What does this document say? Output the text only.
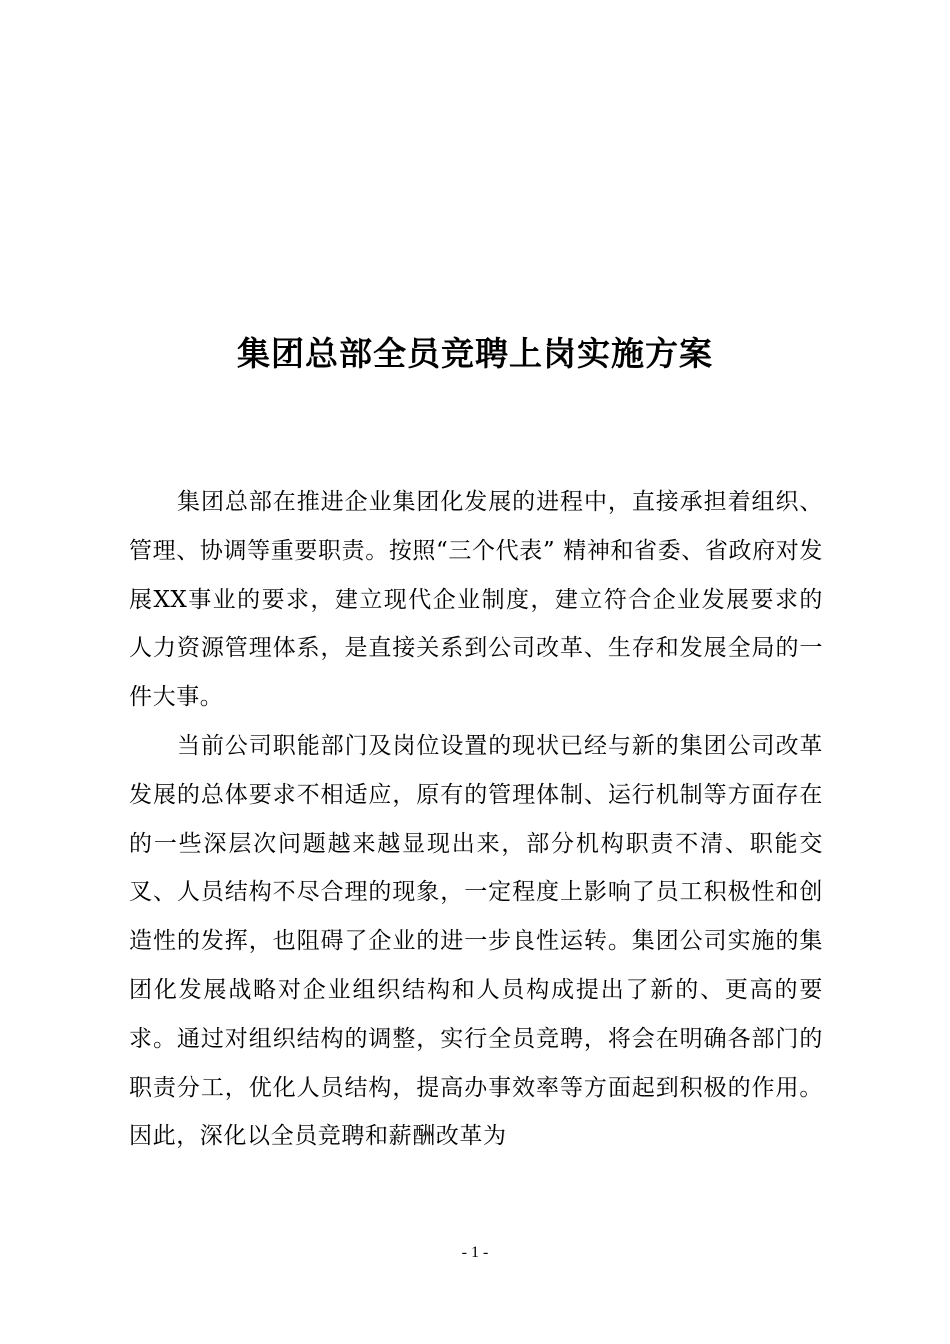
集团总部全员竞聘上岗实施方案

集团总部在推进企业集团化发展的进程中，直接承担着组织、管理、协调等重要职责。按照“三个代表” 精神和省委、省政府对发展XX事业的要求，建立现代企业制度，建立符合企业发展要求的人力资源管理体系，是直接关系到公司改革、生存和发展全局的一件大事。

当前公司职能部门及岗位设置的现状已经与新的集团公司改革发展的总体要求不相适应，原有的管理体制、运行机制等方面存在的一些深层次问题越来越显现出来，部分机构职责不清、职能交叉、人员结构不尽合理的现象，一定程度上影响了员工积极性和创造性的发挥，也阻碍了企业的进一步良性运转。集团公司实施的集团化发展战略对企业组织结构和人员构成提出了新的、更高的要求。通过对组织结构的调整，实行全员竞聘，将会在明确各部门的职责分工，优化人员结构，提高办事效率等方面起到积极的作用。因此，深化以全员竞聘和薪酬改革为

- 1 -
